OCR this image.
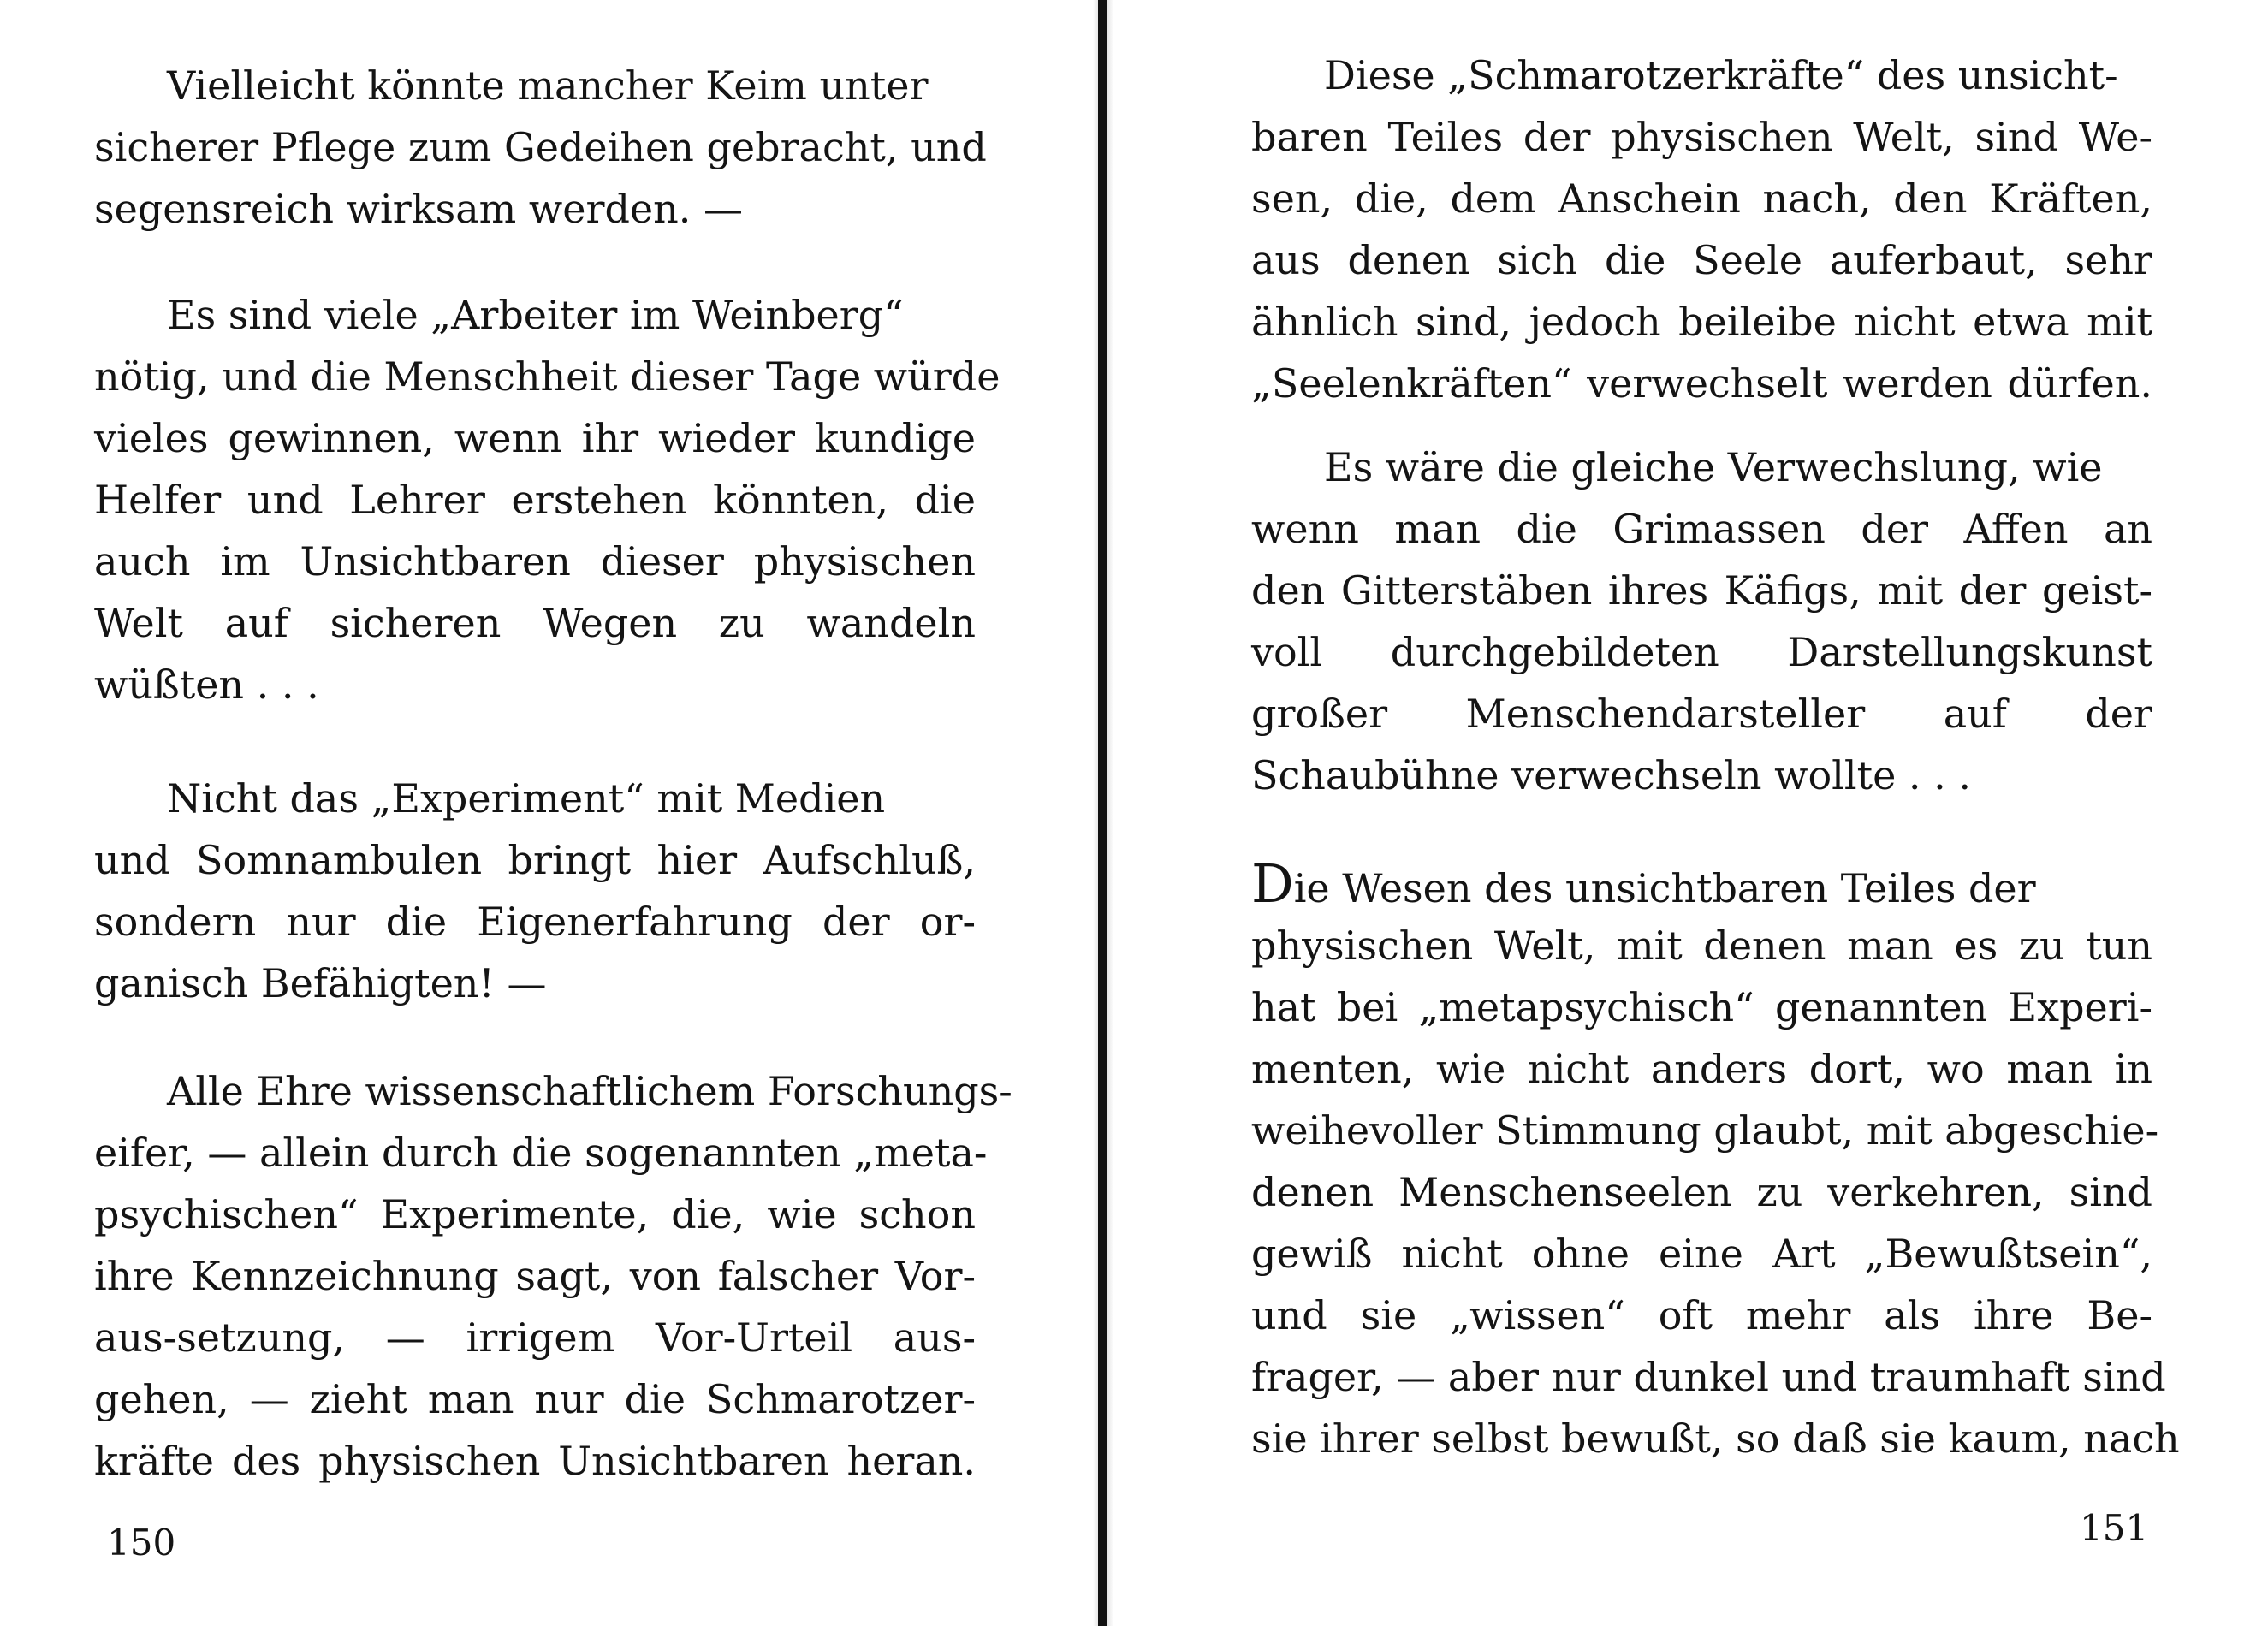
Vielleicht könnte mancher Keim unter
sicherer Pflege zum Gedeihen gebracht, und
segensreich wirksam werden. —
Es sind viele „Arbeiter im Weinberg“
nötig, und die Menschheit dieser Tage würde
vieles gewinnen, wenn ihr wieder kundige
Helfer und Lehrer erstehen könnten, die
auch im Unsichtbaren dieser physischen
Welt auf sicheren Wegen zu wandeln
wüßten . . .
Nicht das „Experiment“ mit Medien
und Somnambulen bringt hier Aufschluß,
sondern nur die Eigenerfahrung der or-
ganisch Befähigten! —
Alle Ehre wissenschaftlichem Forschungs-
eifer, — allein durch die sogenannten „meta-
psychischen“ Experimente, die, wie schon
ihre Kennzeichnung sagt, von falscher Vor-
aus-setzung, — irrigem Vor-Urteil aus-
gehen, — zieht man nur die Schmarotzer-
kräfte des physischen Unsichtbaren heran.
150
Diese „Schmarotzerkräfte“ des unsicht-
baren Teiles der physischen Welt, sind We-
sen, die, dem Anschein nach, den Kräften,
aus denen sich die Seele auferbaut, sehr
ähnlich sind, jedoch beileibe nicht etwa mit
„Seelenkräften“ verwechselt werden dürfen.
Es wäre die gleiche Verwechslung, wie
wenn man die Grimassen der Affen an
den Gitterstäben ihres Käfigs, mit der geist-
voll durchgebildeten Darstellungskunst
großer Menschendarsteller auf der
Schaubühne verwechseln wollte . . .
Die Wesen des unsichtbaren Teiles der
physischen Welt, mit denen man es zu tun
hat bei „metapsychisch“ genannten Experi-
menten, wie nicht anders dort, wo man in
weihevoller Stimmung glaubt, mit abgeschie-
denen Menschenseelen zu verkehren, sind
gewiß nicht ohne eine Art „Bewußtsein“,
und sie „wissen“ oft mehr als ihre Be-
frager, — aber nur dunkel und traumhaft sind
sie ihrer selbst bewußt, so daß sie kaum, nach
151
